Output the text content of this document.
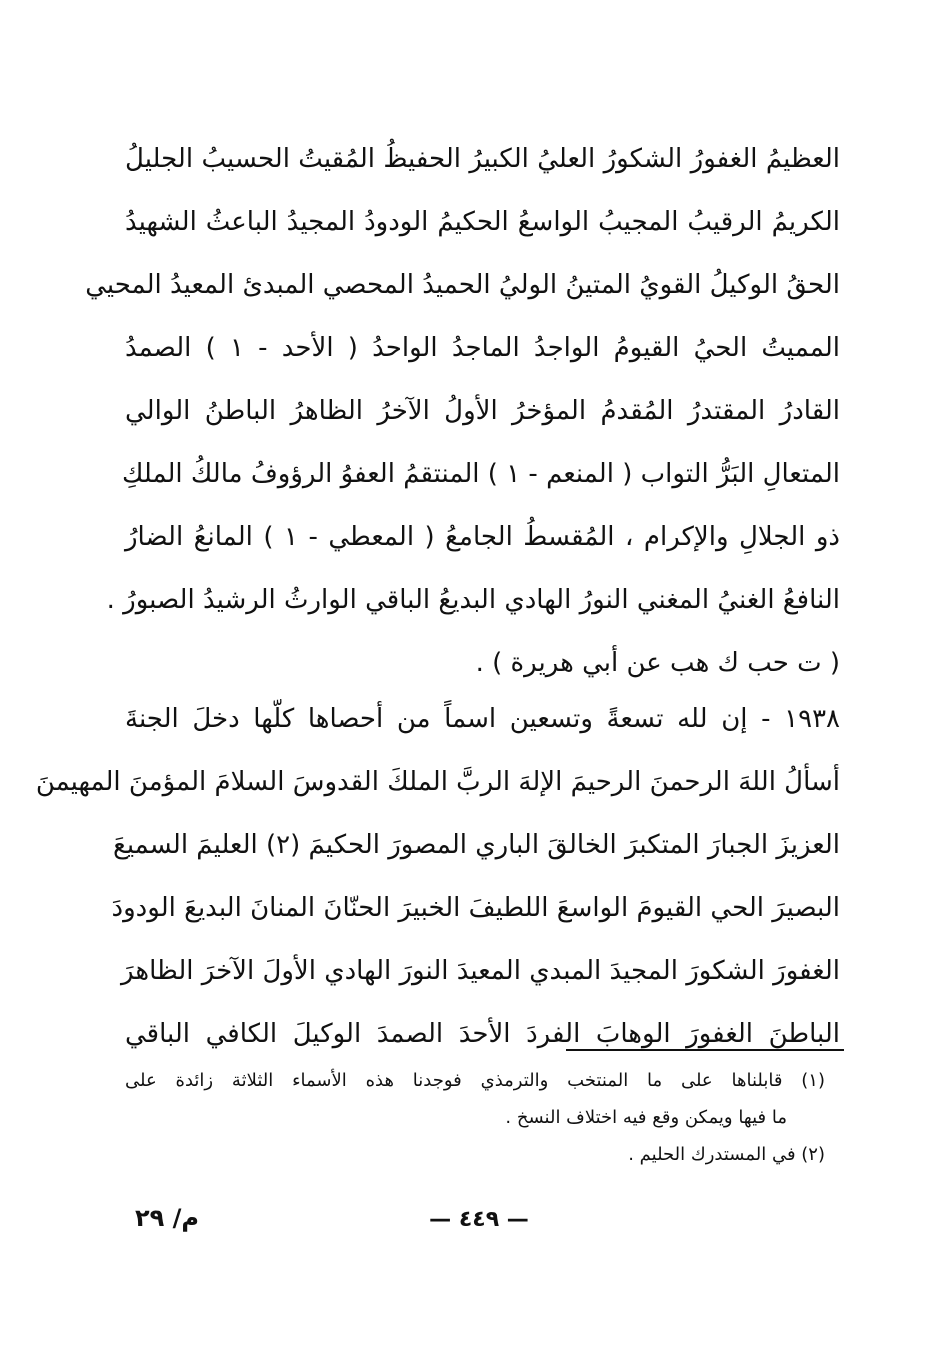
العظيمُ الغفورُ الشكورُ العليُ الكبيرُ الحفيظُ المُقيتُ الحسيبُ الجليلُ
الكريمُ الرقيبُ المجيبُ الواسعُ الحكيمُ الودودُ المجيدُ الباعثُ الشهيدُ
الحقُ الوكيلُ القويُ المتينُ الوليُ الحميدُ المحصي المبدئ المعيدُ المحيي
المميتُ الحيُ القيومُ الواجدُ الماجدُ الواحدُ ( الأحد - ١ ) الصمدُ
القادرُ المقتدرُ المُقدمُ المؤخرُ الأولُ الآخرُ الظاهرُ الباطنُ الوالي
المتعالِ البَرُّ التواب ( المنعم - ١ ) المنتقمُ العفوُ الرؤوفُ مالكُ الملكِ
ذو الجلالِ والإكرام ، المُقسطُ الجامعُ ( المعطي - ١ ) المانعُ الضارُ
النافعُ الغنيُ المغني النورُ الهادي البديعُ الباقي الوارثُ الرشيدُ الصبورُ .
( ت حب ك هب عن أبي هريرة ) .
١٩٣٨ - إن لله تسعةً وتسعين اسماً من أحصاها كلّها دخلَ الجنةَ
أسألُ اللهَ الرحمنَ الرحيمَ الإلهَ الربَّ الملكَ القدوسَ السلامَ المؤمنَ المهيمنَ
العزيزَ الجبارَ المتكبرَ الخالقَ الباري المصورَ الحكيمَ (٢) العليمَ السميعَ
البصيرَ الحي القيومَ الواسعَ اللطيفَ الخبيرَ الحنّانَ المنانَ البديعَ الودودَ
الغفورَ الشكورَ المجيدَ المبدي المعيدَ النورَ الهادي الأولَ الآخرَ الظاهرَ
الباطنَ الغفورَ الوهابَ الفردَ الأحدَ الصمدَ الوكيلَ الكافي الباقي
(١) قابلناها على ما المنتخب والترمذي فوجدنا هذه الأسماء الثلاثة زائدة على
ما فيها ويمكن وقع فيه اختلاف النسخ .
(٢) في المستدرك الحليم .
— ٤٤٩ —
م/ ٢٩
